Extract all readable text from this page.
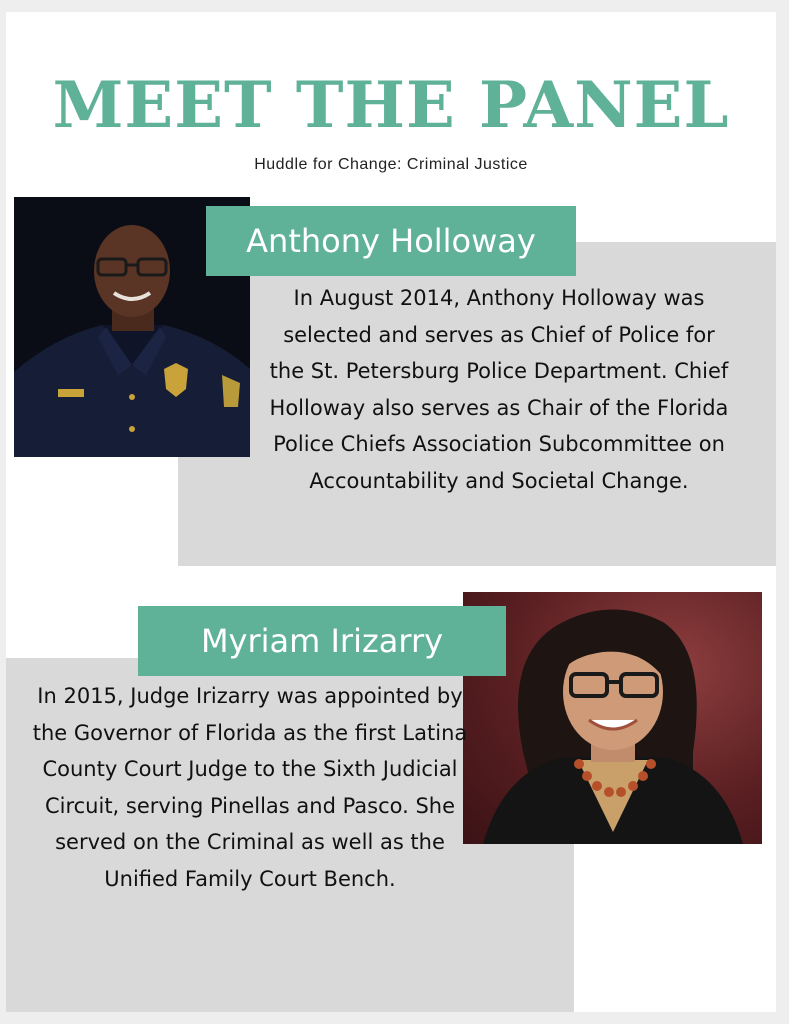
MEET THE PANEL

Huddle for Change: Criminal Justice

Anthony Holloway

In August 2014, Anthony Holloway was selected and serves as Chief of Police for the St. Petersburg Police Department. Chief Holloway also serves as Chair of the Florida Police Chiefs Association Subcommittee on Accountability and Societal Change.

Myriam Irizarry

In 2015, Judge Irizarry was appointed by the Governor of Florida as the first Latina County Court Judge to the Sixth Judicial Circuit, serving Pinellas and Pasco. She served on the Criminal as well as the Unified Family Court Bench.
